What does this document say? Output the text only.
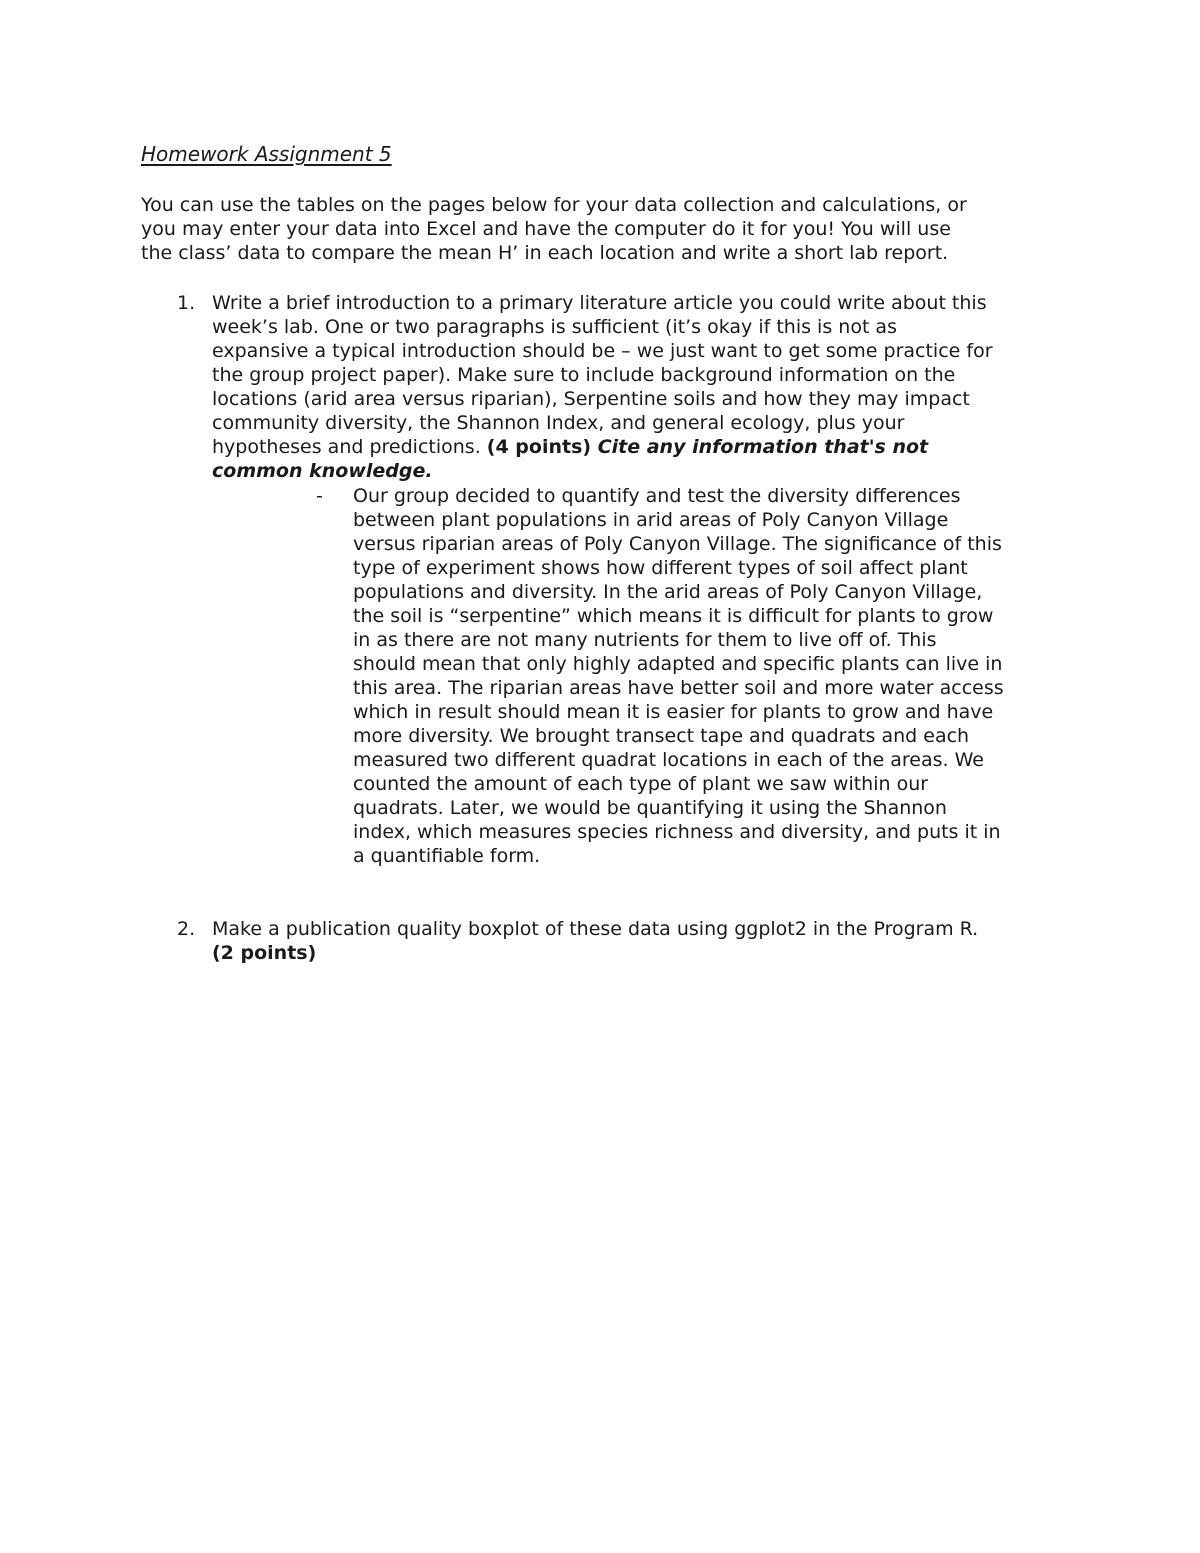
Homework Assignment 5

You can use the tables on the pages below for your data collection and calculations, or
you may enter your data into Excel and have the computer do it for you! You will use
the class’ data to compare the mean H’ in each location and write a short lab report.

1. Write a brief introduction to a primary literature article you could write about this
week’s lab. One or two paragraphs is sufficient (it’s okay if this is not as
expansive a typical introduction should be – we just want to get some practice for
the group project paper). Make sure to include background information on the
locations (arid area versus riparian), Serpentine soils and how they may impact
community diversity, the Shannon Index, and general ecology, plus your
hypotheses and predictions. (4 points) Cite any information that's not
common knowledge.
- Our group decided to quantify and test the diversity differences
between plant populations in arid areas of Poly Canyon Village
versus riparian areas of Poly Canyon Village. The significance of this
type of experiment shows how different types of soil affect plant
populations and diversity. In the arid areas of Poly Canyon Village,
the soil is “serpentine” which means it is difficult for plants to grow
in as there are not many nutrients for them to live off of. This
should mean that only highly adapted and specific plants can live in
this area. The riparian areas have better soil and more water access
which in result should mean it is easier for plants to grow and have
more diversity. We brought transect tape and quadrats and each
measured two different quadrat locations in each of the areas. We
counted the amount of each type of plant we saw within our
quadrats. Later, we would be quantifying it using the Shannon
index, which measures species richness and diversity, and puts it in
a quantifiable form.
2. Make a publication quality boxplot of these data using ggplot2 in the Program R.
(2 points)
